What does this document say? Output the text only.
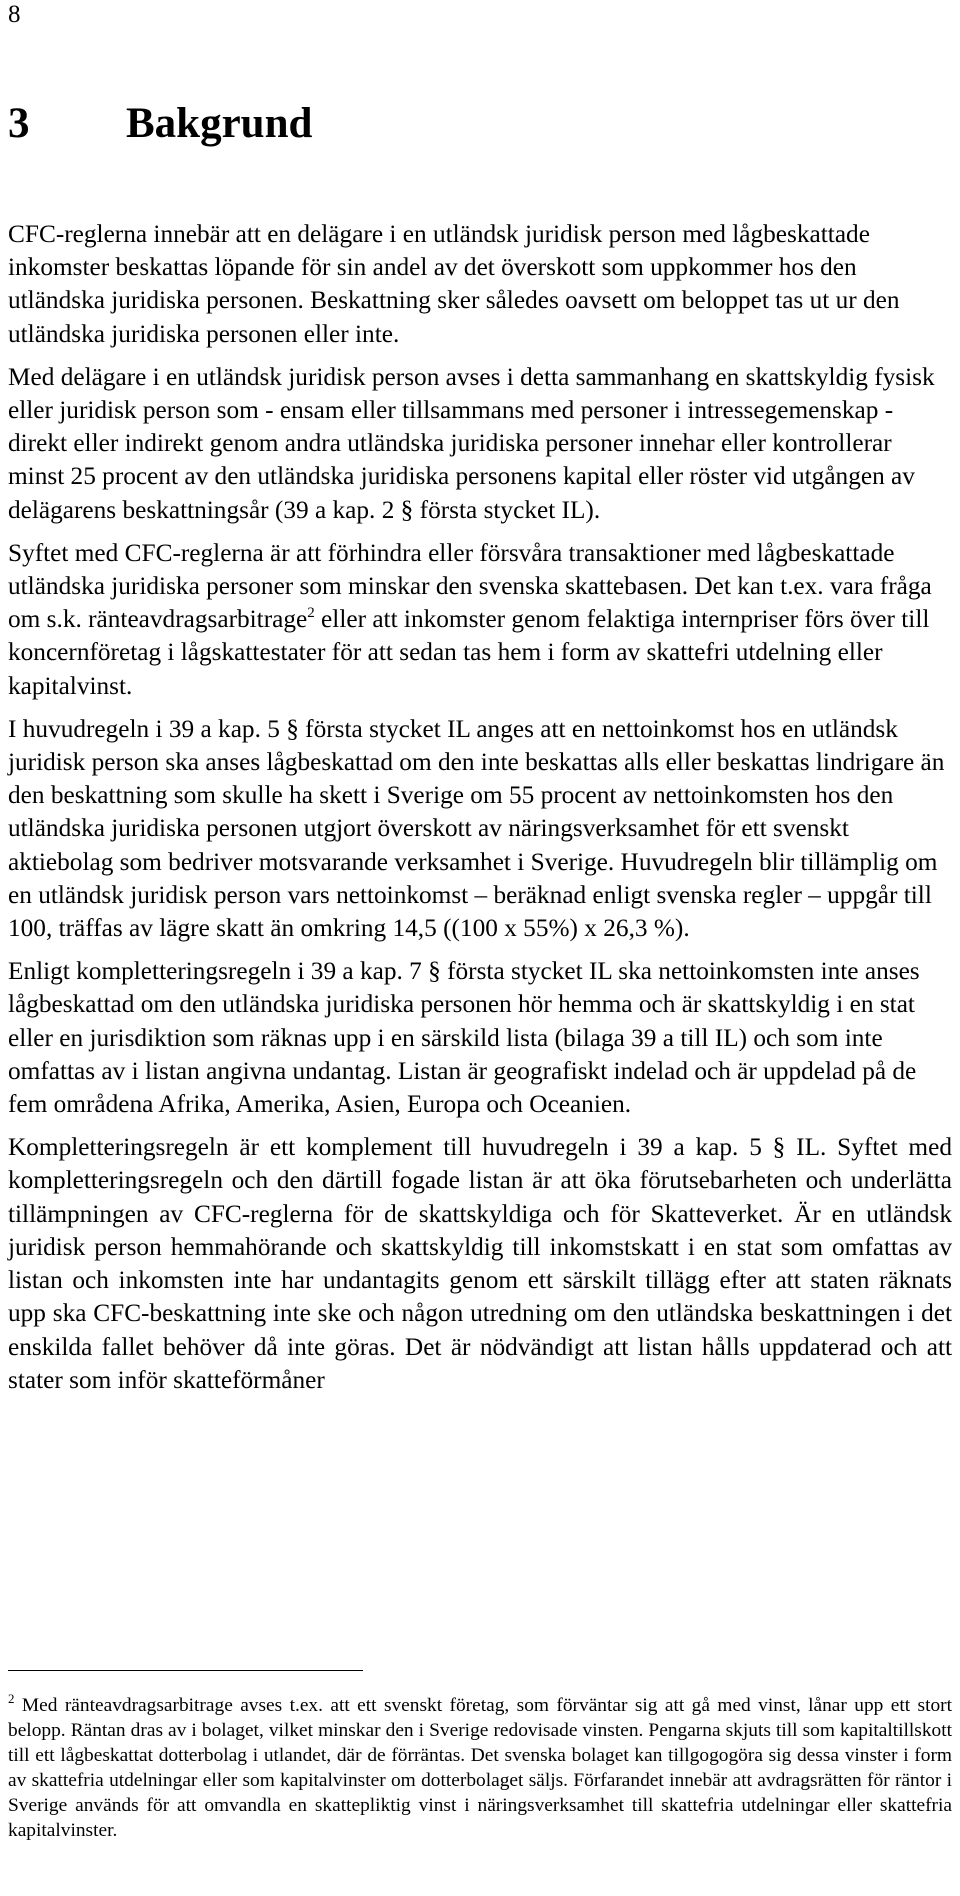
8
3 Bakgrund

CFC-reglerna innebär att en delägare i en utländsk juridisk person med lågbeskattade inkomster beskattas löpande för sin andel av det överskott som uppkommer hos den utländska juridiska personen. Beskattning sker således oavsett om beloppet tas ut ur den utländska juridiska personen eller inte.

Med delägare i en utländsk juridisk person avses i detta sammanhang en skattskyldig fysisk eller juridisk person som - ensam eller tillsammans med personer i intressegemenskap - direkt eller indirekt genom andra utländska juridiska personer innehar eller kontrollerar minst 25 procent av den utländska juridiska personens kapital eller röster vid utgången av delägarens beskattningsår (39 a kap. 2 § första stycket IL).

Syftet med CFC-reglerna är att förhindra eller försvåra transaktioner med lågbeskattade utländska juridiska personer som minskar den svenska skattebasen. Det kan t.ex. vara fråga om s.k. ränteavdragsarbitrage$^2$ eller att inkomster genom felaktiga internpriser förs över till koncernföretag i lågskattestater för att sedan tas hem i form av skattefri utdelning eller kapitalvinst.

I huvudregeln i 39 a kap. 5 § första stycket IL anges att en nettoinkomst hos en utländsk juridisk person ska anses lågbeskattad om den inte beskattas alls eller beskattas lindrigare än den beskattning som skulle ha skett i Sverige om 55 procent av nettoinkomsten hos den utländska juridiska personen utgjort överskott av näringsverksamhet för ett svenskt aktiebolag som bedriver motsvarande verksamhet i Sverige. Huvudregeln blir tillämplig om en utländsk juridisk person vars nettoinkomst – beräknad enligt svenska regler – uppgår till 100, träffas av lägre skatt än omkring 14,5 ((100 x 55%) x 26,3 %).

Enligt kompletteringsregeln i 39 a kap. 7 § första stycket IL ska nettoinkomsten inte anses lågbeskattad om den utländska juridiska personen hör hemma och är skattskyldig i en stat eller en jurisdiktion som räknas upp i en särskild lista (bilaga 39 a till IL) och som inte omfattas av i listan angivna undantag. Listan är geografiskt indelad och är uppdelad på de fem områdena Afrika, Amerika, Asien, Europa och Oceanien.

Kompletteringsregeln är ett komplement till huvudregeln i 39 a kap. 5 § IL. Syftet med kompletteringsregeln och den därtill fogade listan är att öka förutsebarheten och underlätta tillämpningen av CFC-reglerna för de skattskyldiga och för Skatteverket. Är en utländsk juridisk person hemmahörande och skattskyldig till inkomstskatt i en stat som omfattas av listan och inkomsten inte har undantagits genom ett särskilt tillägg efter att staten räknats upp ska CFC-beskattning inte ske och någon utredning om den utländska beskattningen i det enskilda fallet behöver då inte göras. Det är nödvändigt att listan hålls uppdaterad och att stater som inför skatteförmåner

$^2$ Med ränteavdragsarbitrage avses t.ex. att ett svenskt företag, som förväntar sig att gå med vinst, lånar upp ett stort belopp. Räntan dras av i bolaget, vilket minskar den i Sverige redovisade vinsten. Pengarna skjuts till som kapitaltillskott till ett lågbeskattat dotterbolag i utlandet, där de förräntas. Det svenska bolaget kan tillgogogöra sig dessa vinster i form av skattefria utdelningar eller som kapitalvinster om dotterbolaget säljs. Förfarandet innebär att avdragsrätten för räntor i Sverige används för att omvandla en skattepliktig vinst i näringsverksamhet till skattefria utdelningar eller skattefria kapitalvinster.
